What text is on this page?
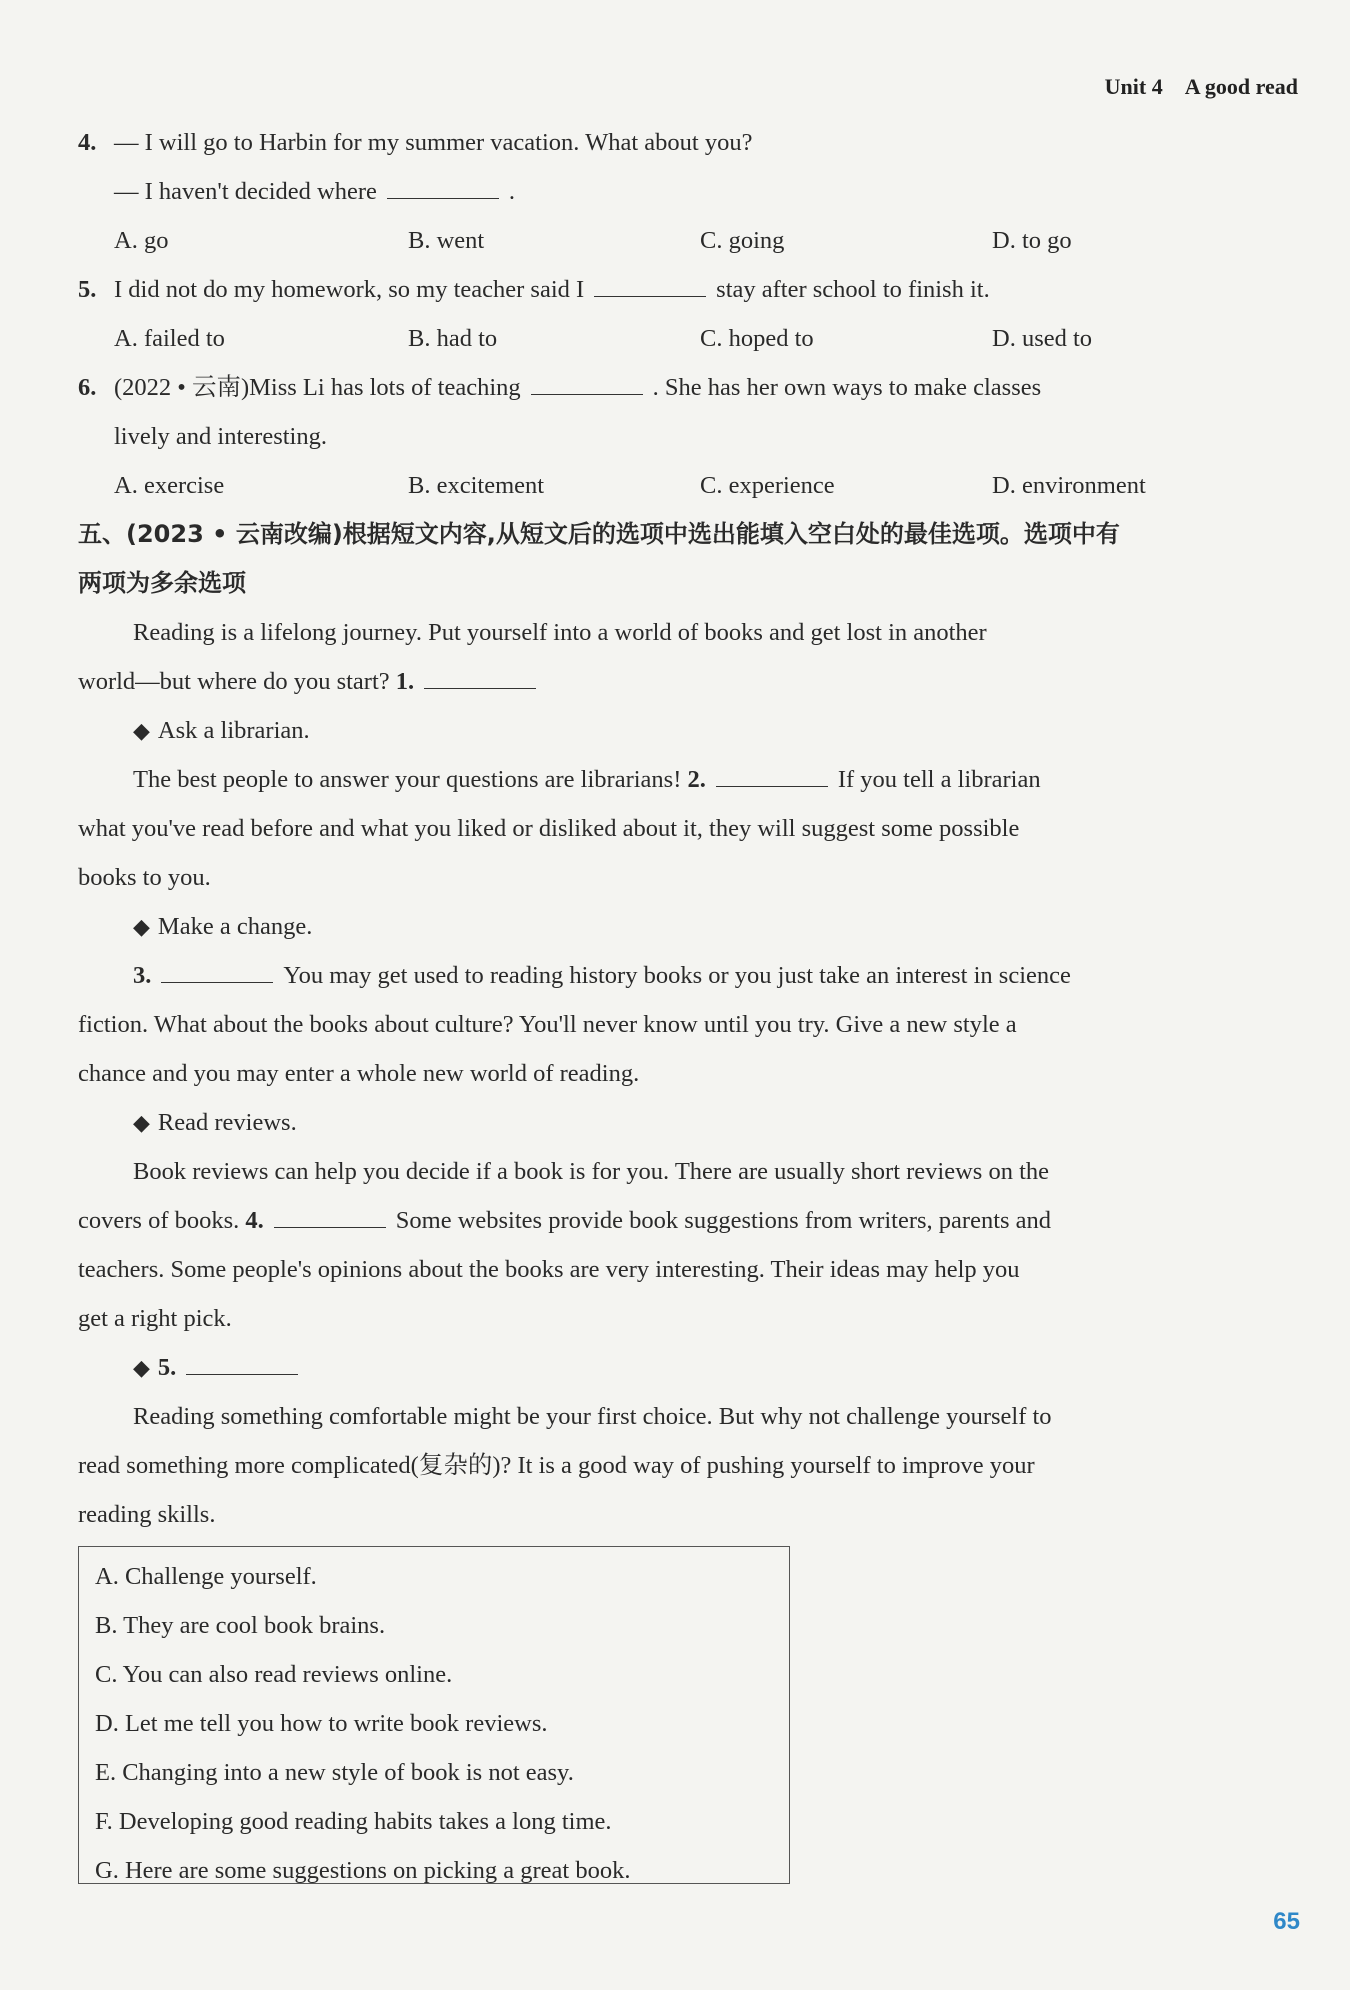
Unit 4 A good read
4. — I will go to Harbin for my summer vacation. What about you?
— I haven't decided where	.
A. go	B. went	C. going	D. to go
5. I did not do my homework, so my teacher said I	stay after school to finish it.
A. failed to	B. had to	C. hoped to	D. used to
6. (2022 • 云南)Miss Li has lots of teaching	. She has her own ways to make classes
lively and interesting.
A. exercise	B. excitement	C. experience	D. environment
五、(2023 • 云南改编)根据短文内容,从短文后的选项中选出能填入空白处的最佳选项。选项中有
两项为多余选项
Reading is a lifelong journey. Put yourself into a world of books and get lost in another
world—but where do you start? 1.
◆ Ask a librarian.
The best people to answer your questions are librarians! 2.	If you tell a librarian
what you've read before and what you liked or disliked about it, they will suggest some possible
books to you.
◆ Make a change.
3.	You may get used to reading history books or you just take an interest in science
fiction. What about the books about culture? You'll never know until you try. Give a new style a
chance and you may enter a whole new world of reading.
◆ Read reviews.
Book reviews can help you decide if a book is for you. There are usually short reviews on the
covers of books. 4.	Some websites provide book suggestions from writers, parents and
teachers. Some people's opinions about the books are very interesting. Their ideas may help you
get a right pick.
◆ 5.
Reading something comfortable might be your first choice. But why not challenge yourself to
read something more complicated(复杂的)? It is a good way of pushing yourself to improve your
reading skills.
A. Challenge yourself.
B. They are cool book brains.
C. You can also read reviews online.
D. Let me tell you how to write book reviews.
E. Changing into a new style of book is not easy.
F. Developing good reading habits takes a long time.
G. Here are some suggestions on picking a great book.
65
